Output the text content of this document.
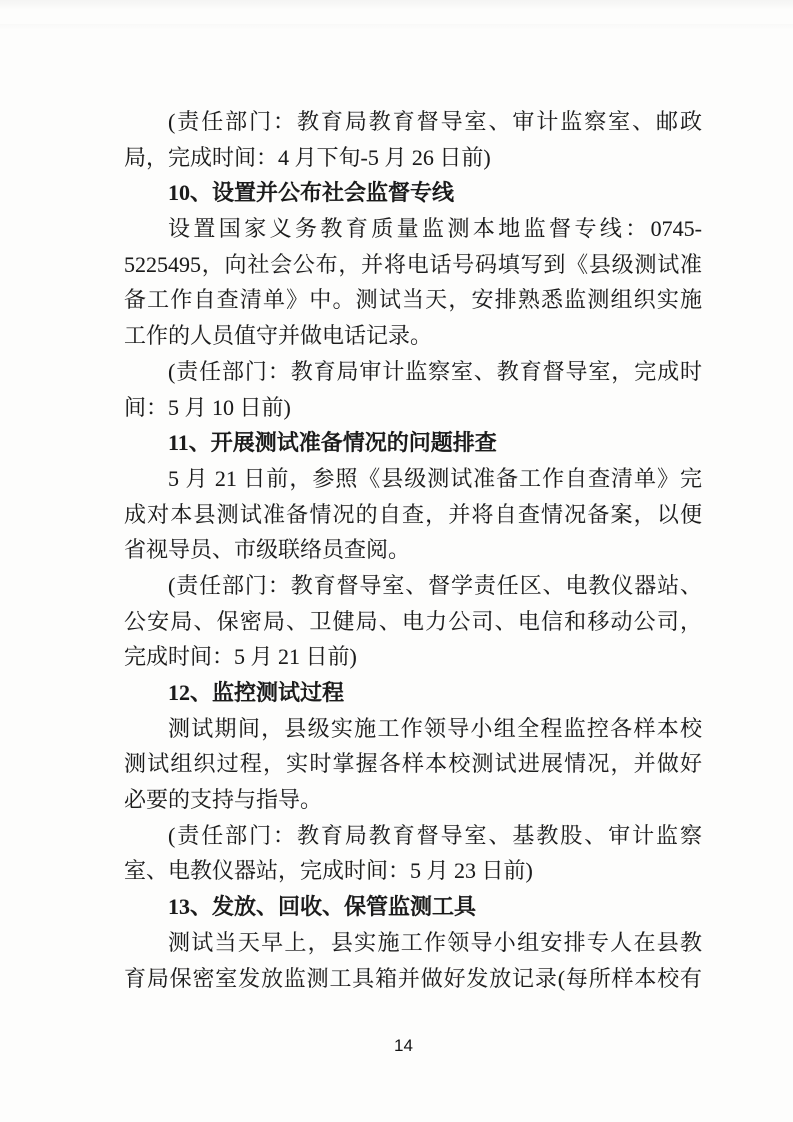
(责任部门：教育局教育督导室、审计监察室、邮政
局，完成时间：4 月下旬-5 月 26 日前)
10、设置并公布社会监督专线
设置国家义务教育质量监测本地监督专线：0745-
5225495，向社会公布，并将电话号码填写到《县级测试准
备工作自查清单》中。测试当天，安排熟悉监测组织实施
工作的人员值守并做电话记录。
(责任部门：教育局审计监察室、教育督导室，完成时
间：5 月 10 日前)
11、开展测试准备情况的问题排查
5 月 21 日前，参照《县级测试准备工作自查清单》完
成对本县测试准备情况的自查，并将自查情况备案，以便
省视导员、市级联络员查阅。
(责任部门：教育督导室、督学责任区、电教仪器站、
公安局、保密局、卫健局、电力公司、电信和移动公司，
完成时间：5 月 21 日前)
12、监控测试过程
测试期间，县级实施工作领导小组全程监控各样本校
测试组织过程，实时掌握各样本校测试进展情况，并做好
必要的支持与指导。
(责任部门：教育局教育督导室、基教股、审计监察
室、电教仪器站，完成时间：5 月 23 日前)
13、发放、回收、保管监测工具
测试当天早上，县实施工作领导小组安排专人在县教
育局保密室发放监测工具箱并做好发放记录(每所样本校有
14
